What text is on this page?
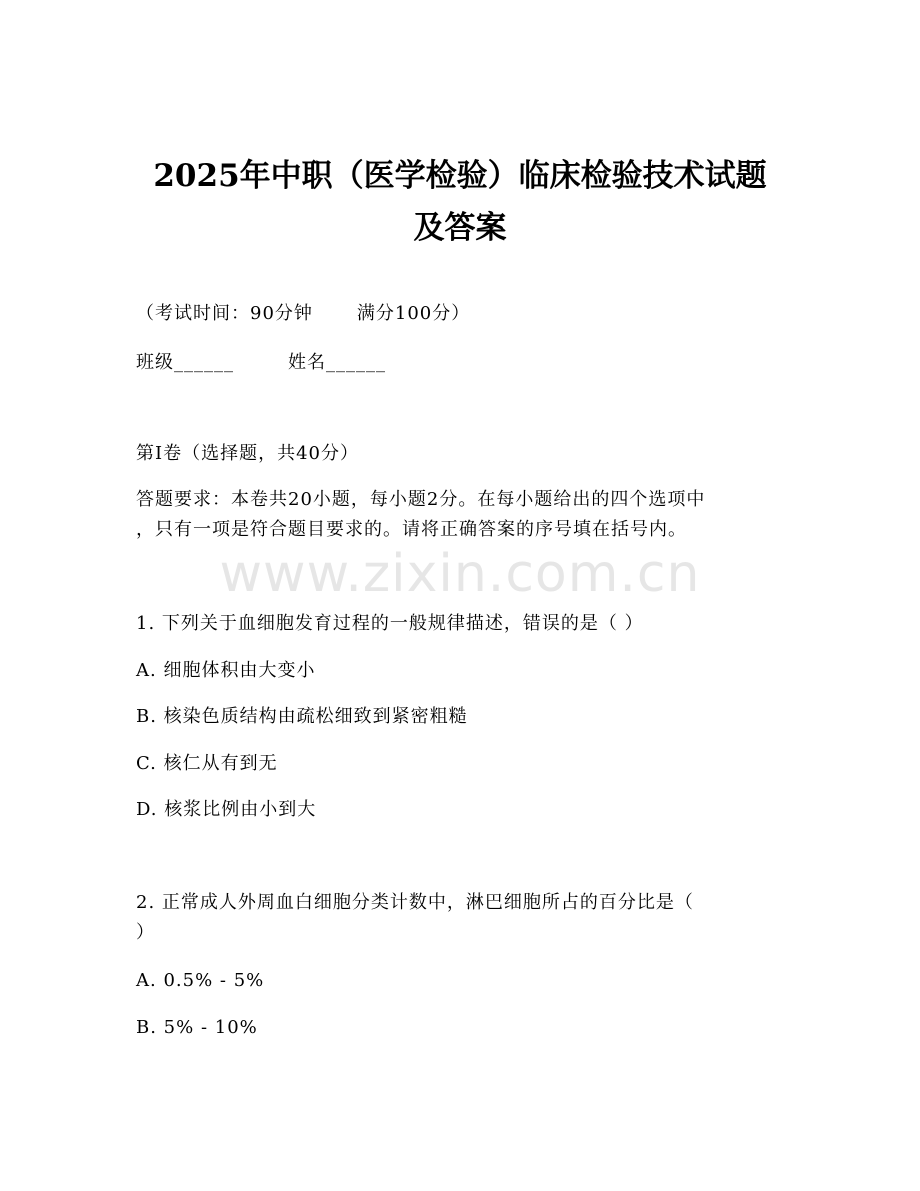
www.zixin.com.cn
2025年中职（医学检验）临床检验技术试题
及答案
（考试时间：90分钟 满分100分）
班级______	姓名______
第I卷（选择题，共40分）
答题要求：本卷共20小题，每小题2分。在每小题给出的四个选项中
，只有一项是符合题目要求的。请将正确答案的序号填在括号内。
1. 下列关于血细胞发育过程的一般规律描述，错误的是（ ）
A. 细胞体积由大变小
B. 核染色质结构由疏松细致到紧密粗糙
C. 核仁从有到无
D. 核浆比例由小到大
2. 正常成人外周血白细胞分类计数中，淋巴细胞所占的百分比是（
）
A. 0.5% - 5%
B. 5% - 10%
